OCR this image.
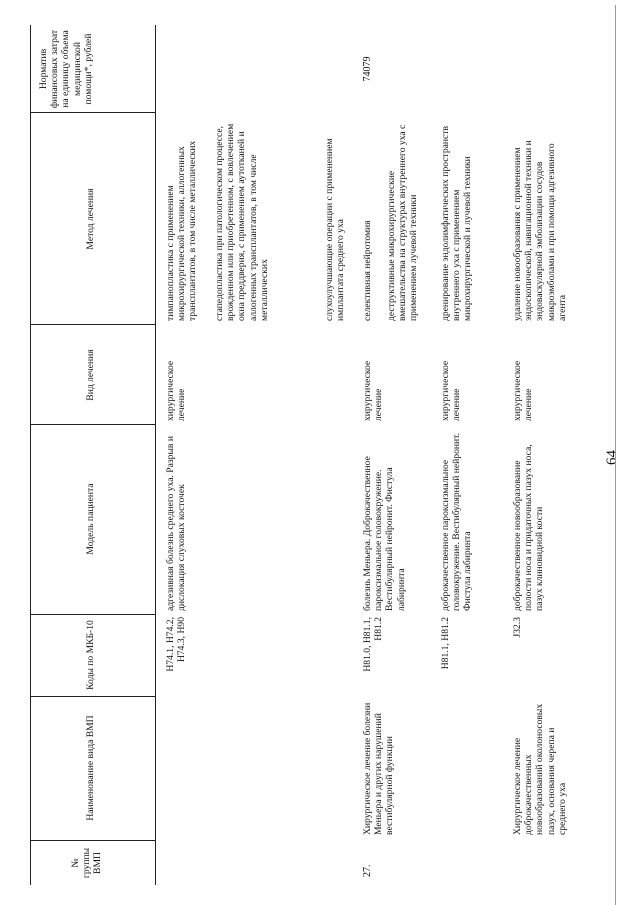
№ группы ВМП
Наименование вида ВМП
Коды по МКБ-10
Модель пациента
Вид лечения
Метод лечения
Норматив финансовых затрат на единицу объема медицинской помощи*, рублей
H74.1, H74.2, H74.3, H90
адгезивная болезнь среднего уха. Разрыв и дислокация слуховых косточек
хирургическое лечение
тимпанопластика с применением микрохирургической техники, аллогенных трансплантатов, в том числе металлических стапедопластика при патологическом процессе, врожденном или приобретенном, с вовлечением окна преддверия, с применением аутотканей и аллогенных трансплантатов, в том числе металлических	слухоулучшающие операции с применением имплантата среднего уха
27.
Хирургическое лечение болезни Меньера и других нарушений вестибулярной функции
H81.0, H81.1, H81.2
болезнь Меньера. Доброкачественное пароксизмальное головокружение. Вестибулярный нейронит. Фистула лабиринта
хирургическое лечение
селективная нейротомия деструктивные микрохирургические вмешательства на структурах внутреннего уха с применением лучевой техники
74079
H81.1, H81.2
доброкачественное пароксизмальное головокружение. Вестибулярный нейронит. Фистула лабиринта
хирургическое лечение
дренирование эндолимфатических пространств внутреннего уха с применением микрохирургической и лучевой техники
Хирургическое лечение доброкачественных новообразований околоносовых пазух, основания черепа и среднего уха
J32.3
доброкачественное новообразование полости носа и придаточных пазух носа, пазух клиновидной кости
хирургическое лечение
удаление новообразования с применением эндоскопической, навигационной техники и эндоваскулярной эмболизации сосудов микроэмболами и при помощи адгезивного агента
64
